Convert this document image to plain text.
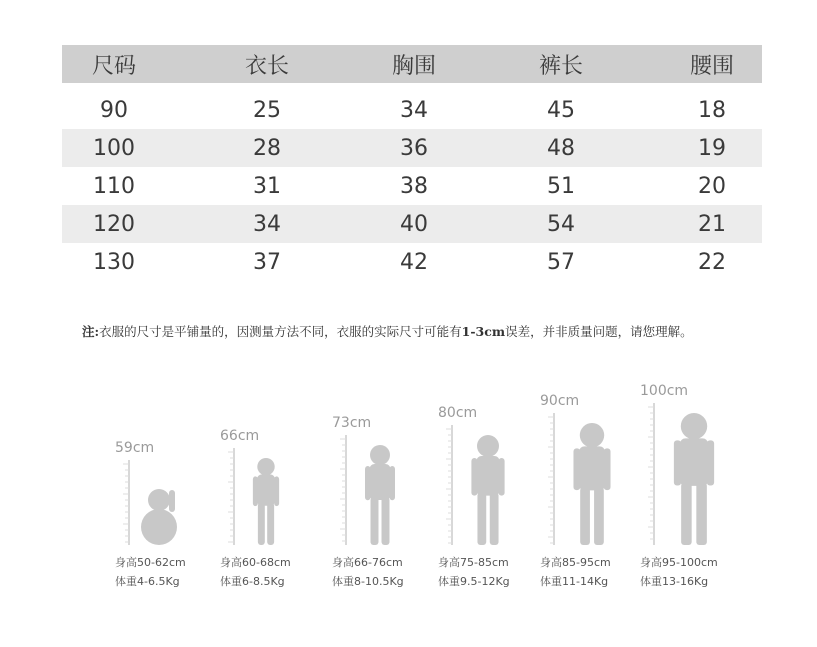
尺码	衣长	胸围	裤长	腰围
90	25	34	45	18
100	28	36	48	19
110	31	38	51	20
120	34	40	54	21
130	37	42	57	22
注:衣服的尺寸是平铺量的，因测量方法不同，衣服的实际尺寸可能有1-3cm误差，并非质量问题，请您理解。
59cm
身高50-62cm
体重4-6.5Kg
66cm
身高60-68cm
体重6-8.5Kg
73cm
身高66-76cm
体重8-10.5Kg
80cm
身高75-85cm
体重9.5-12Kg
90cm
身高85-95cm
体重11-14Kg
100cm
身高95-100cm
体重13-16Kg
